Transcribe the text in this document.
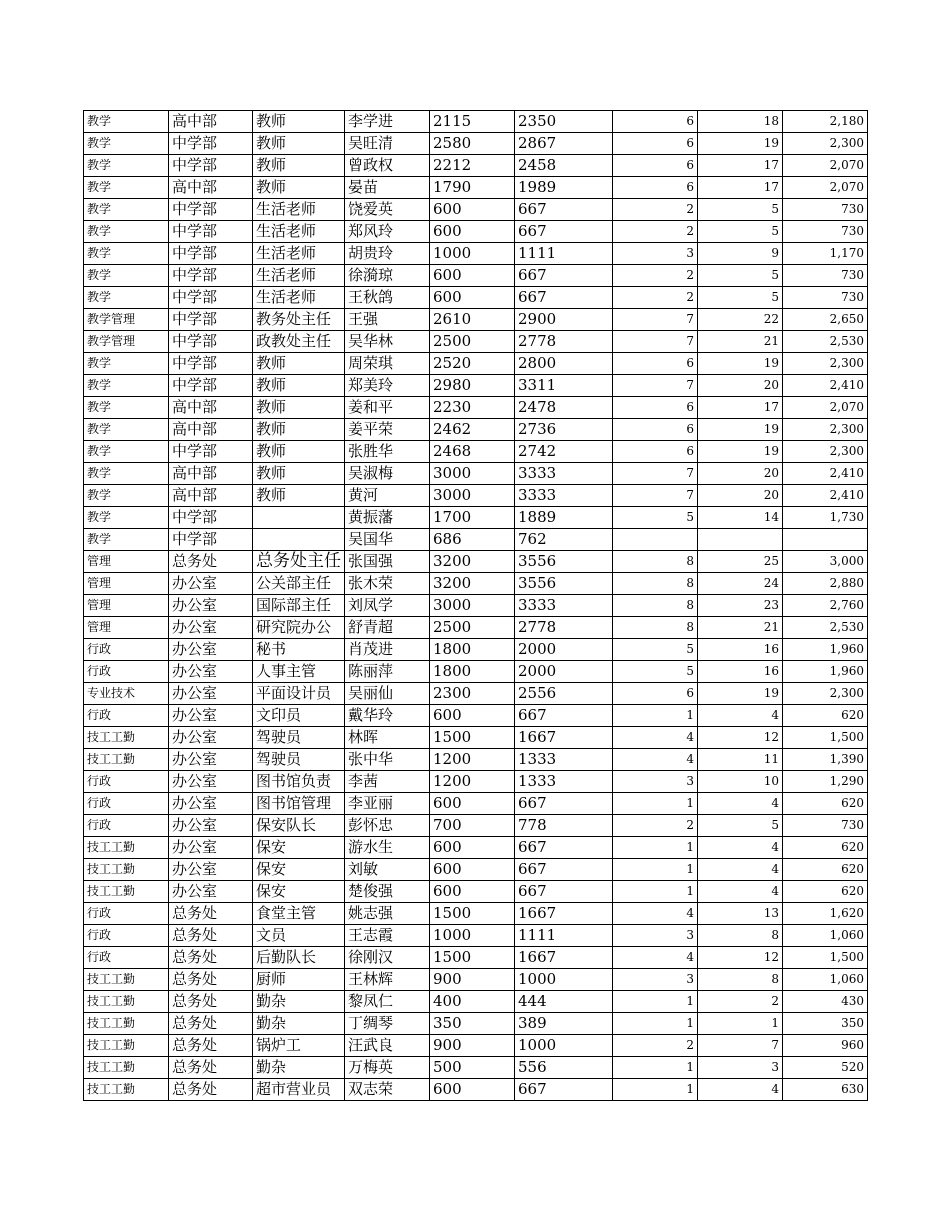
教学	高中部	教师	李学进	2115	2350	6	18	2,180
教学	中学部	教师	吴旺清	2580	2867	6	19	2,300
教学	中学部	教师	曾政权	2212	2458	6	17	2,070
教学	高中部	教师	晏苗	1790	1989	6	17	2,070
教学	中学部	生活老师	饶爱英	600	667	2	5	730
教学	中学部	生活老师	郑风玲	600	667	2	5	730
教学	中学部	生活老师	胡贵玲	1000	1111	3	9	1,170
教学	中学部	生活老师	徐漪琼	600	667	2	5	730
教学	中学部	生活老师	王秋鸽	600	667	2	5	730
教学管理	中学部	教务处主任	王强	2610	2900	7	22	2,650
教学管理	中学部	政教处主任	吴华林	2500	2778	7	21	2,530
教学	中学部	教师	周荣琪	2520	2800	6	19	2,300
教学	中学部	教师	郑美玲	2980	3311	7	20	2,410
教学	高中部	教师	姜和平	2230	2478	6	17	2,070
教学	高中部	教师	姜平荣	2462	2736	6	19	2,300
教学	中学部	教师	张胜华	2468	2742	6	19	2,300
教学	高中部	教师	吴淑梅	3000	3333	7	20	2,410
教学	高中部	教师	黄河	3000	3333	7	20	2,410
教学	中学部		黄振藩	1700	1889	5	14	1,730
教学	中学部		吴国华	686	762			
管理	总务处	总务处主任	张国强	3200	3556	8	25	3,000
管理	办公室	公关部主任	张木荣	3200	3556	8	24	2,880
管理	办公室	国际部主任	刘凤学	3000	3333	8	23	2,760
管理	办公室	研究院办公	舒青超	2500	2778	8	21	2,530
行政	办公室	秘书	肖茂进	1800	2000	5	16	1,960
行政	办公室	人事主管	陈丽萍	1800	2000	5	16	1,960
专业技术	办公室	平面设计员	吴丽仙	2300	2556	6	19	2,300
行政	办公室	文印员	戴华玲	600	667	1	4	620
技工工勤	办公室	驾驶员	林晖	1500	1667	4	12	1,500
技工工勤	办公室	驾驶员	张中华	1200	1333	4	11	1,390
行政	办公室	图书馆负责	李茜	1200	1333	3	10	1,290
行政	办公室	图书馆管理	李亚丽	600	667	1	4	620
行政	办公室	保安队长	彭怀忠	700	778	2	5	730
技工工勤	办公室	保安	游水生	600	667	1	4	620
技工工勤	办公室	保安	刘敏	600	667	1	4	620
技工工勤	办公室	保安	楚俊强	600	667	1	4	620
行政	总务处	食堂主管	姚志强	1500	1667	4	13	1,620
行政	总务处	文员	王志霞	1000	1111	3	8	1,060
行政	总务处	后勤队长	徐刚汉	1500	1667	4	12	1,500
技工工勤	总务处	厨师	王林辉	900	1000	3	8	1,060
技工工勤	总务处	勤杂	黎凤仁	400	444	1	2	430
技工工勤	总务处	勤杂	丁绸琴	350	389	1	1	350
技工工勤	总务处	锅炉工	汪武良	900	1000	2	7	960
技工工勤	总务处	勤杂	万梅英	500	556	1	3	520
技工工勤	总务处	超市营业员	双志荣	600	667	1	4	630
